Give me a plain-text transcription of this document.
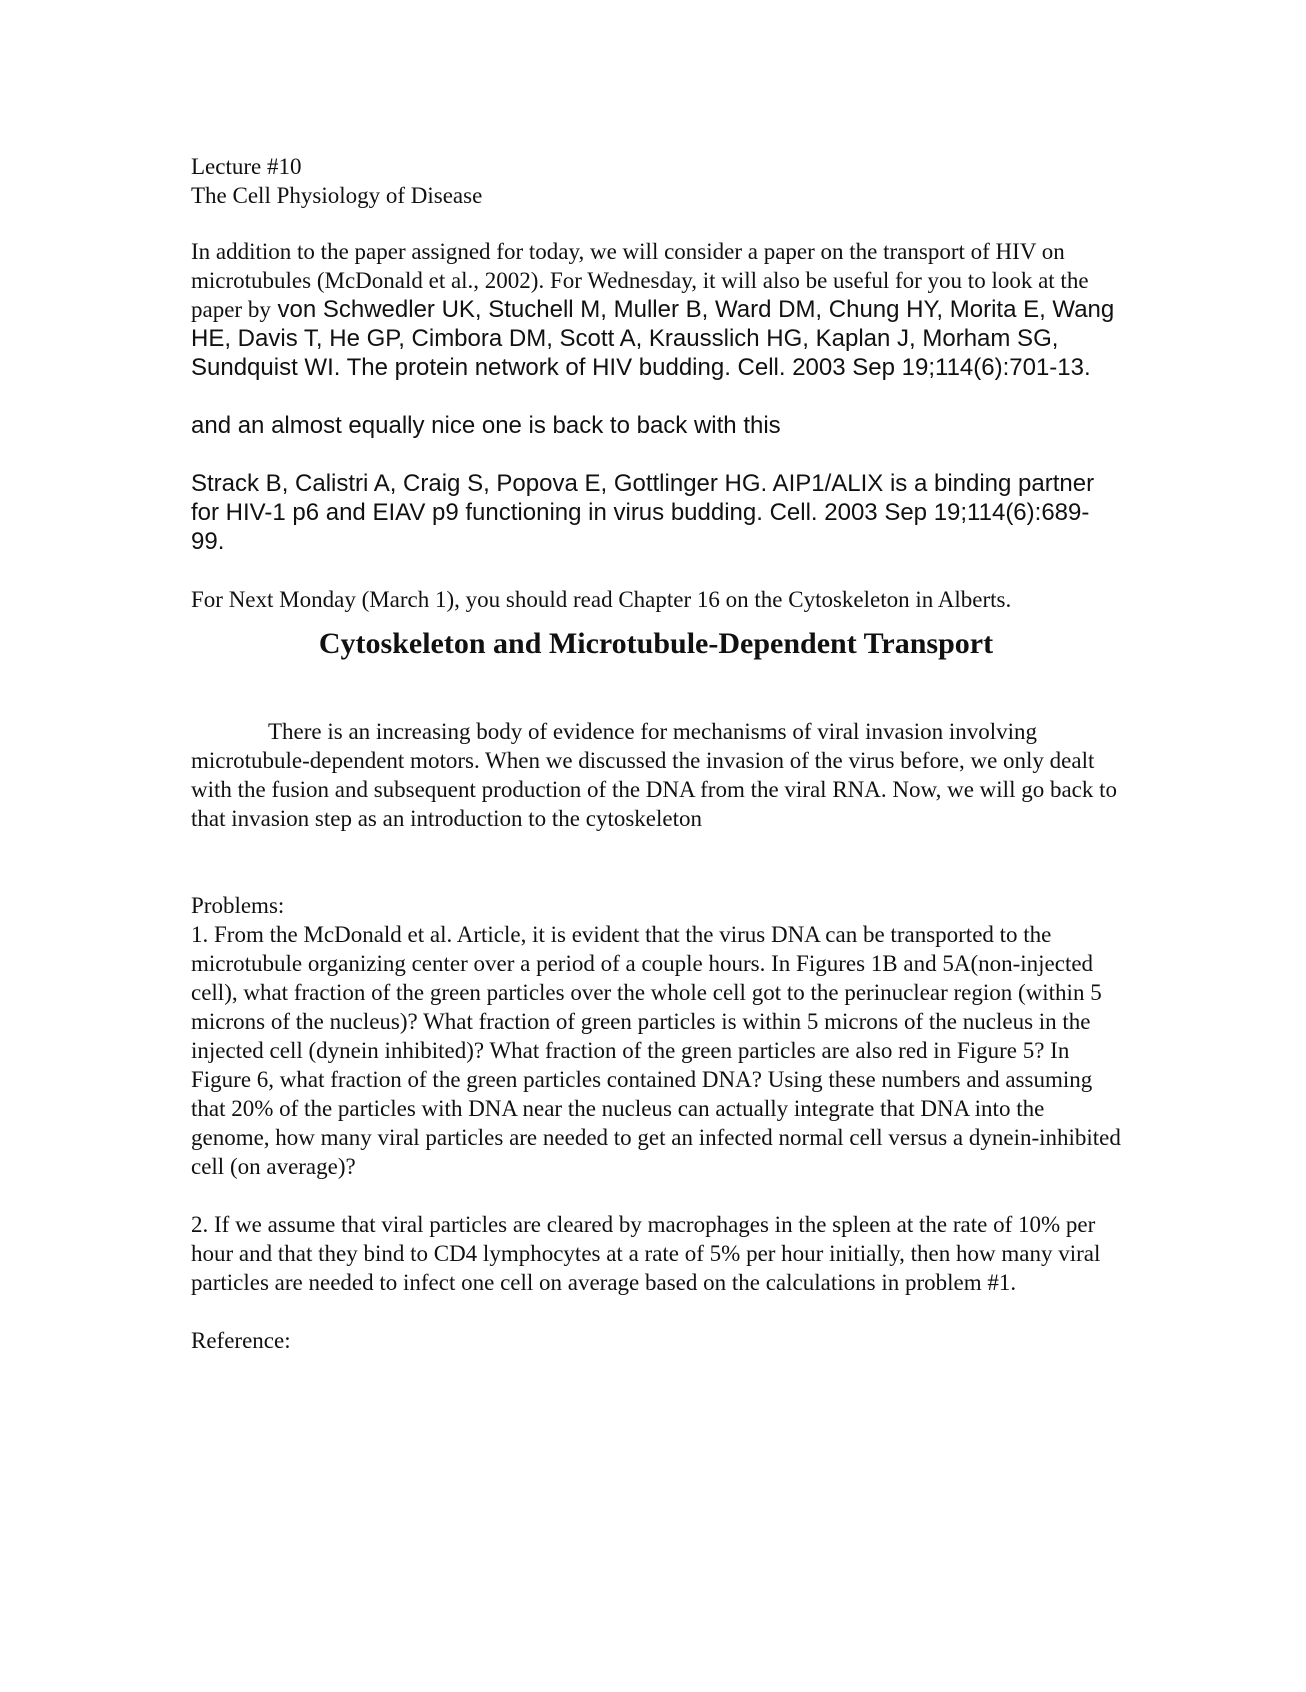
Lecture #10

The Cell Physiology of Disease

In addition to the paper assigned for today, we will consider a paper on the transport of HIV on microtubules (McDonald et al., 2002). For Wednesday, it will also be useful for you to look at the paper by von Schwedler UK, Stuchell M, Muller B, Ward DM, Chung HY, Morita E, Wang HE, Davis T, He GP, Cimbora DM, Scott A, Krausslich HG, Kaplan J, Morham SG, Sundquist WI. The protein network of HIV budding. Cell. 2003 Sep 19;114(6):701-13.

and an almost equally nice one is back to back with this

Strack B, Calistri A, Craig S, Popova E, Gottlinger HG. AIP1/ALIX is a binding partner for HIV-1 p6 and EIAV p9 functioning in virus budding. Cell. 2003 Sep 19;114(6):689-99.

For Next Monday (March 1), you should read Chapter 16 on the Cytoskeleton in Alberts.

Cytoskeleton and Microtubule-Dependent Transport

There is an increasing body of evidence for mechanisms of viral invasion involving microtubule-dependent motors. When we discussed the invasion of the virus before, we only dealt with the fusion and subsequent production of the DNA from the viral RNA. Now, we will go back to that invasion step as an introduction to the cytoskeleton

Problems:

1. From the McDonald et al. Article, it is evident that the virus DNA can be transported to the microtubule organizing center over a period of a couple hours. In Figures 1B and 5A(non-injected cell), what fraction of the green particles over the whole cell got to the perinuclear region (within 5 microns of the nucleus)? What fraction of green particles is within 5 microns of the nucleus in the injected cell (dynein inhibited)? What fraction of the green particles are also red in Figure 5? In Figure 6, what fraction of the green particles contained DNA? Using these numbers and assuming that 20% of the particles with DNA near the nucleus can actually integrate that DNA into the genome, how many viral particles are needed to get an infected normal cell versus a dynein-inhibited cell (on average)?

2. If we assume that viral particles are cleared by macrophages in the spleen at the rate of 10% per hour and that they bind to CD4 lymphocytes at a rate of 5% per hour initially, then how many viral particles are needed to infect one cell on average based on the calculations in problem #1.

Reference:
